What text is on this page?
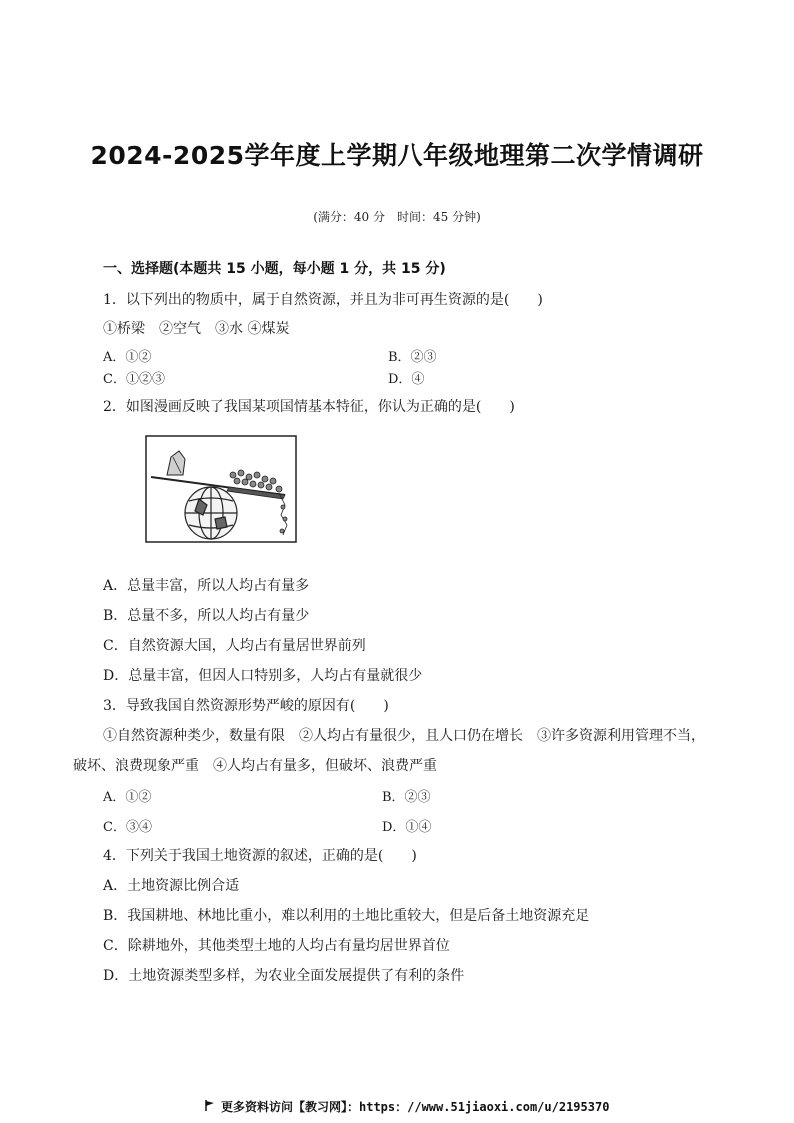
2024-2025学年度上学期八年级地理第二次学情调研
(满分：40 分　时间：45 分钟)
一、选择题(本题共 15 小题，每小题 1 分，共 15 分)
1．以下列出的物质中，属于自然资源，并且为非可再生资源的是(　　)
①桥梁　②空气　③水 ④煤炭
A．①②	B．②③
C．①②③	D．④
2．如图漫画反映了我国某项国情基本特征，你认为正确的是(　　)
A．总量丰富，所以人均占有量多
B．总量不多，所以人均占有量少
C．自然资源大国，人均占有量居世界前列
D．总量丰富，但因人口特别多，人均占有量就很少
3．导致我国自然资源形势严峻的原因有(　　)
①自然资源种类少，数量有限　②人均占有量很少，且人口仍在增长　③许多资源利用管理不当，
破坏、浪费现象严重　④人均占有量多，但破坏、浪费严重
A．①②	B．②③
C．③④	D．①④
4．下列关于我国土地资源的叙述，正确的是(　　)
A．土地资源比例合适
B．我国耕地、林地比重小，难以利用的土地比重较大，但是后备土地资源充足
C．除耕地外，其他类型土地的人均占有量均居世界首位
D．土地资源类型多样，为农业全面发展提供了有利的条件
更多资料访问【教习网】：https：//www.51jiaoxi.com/u/2195370
